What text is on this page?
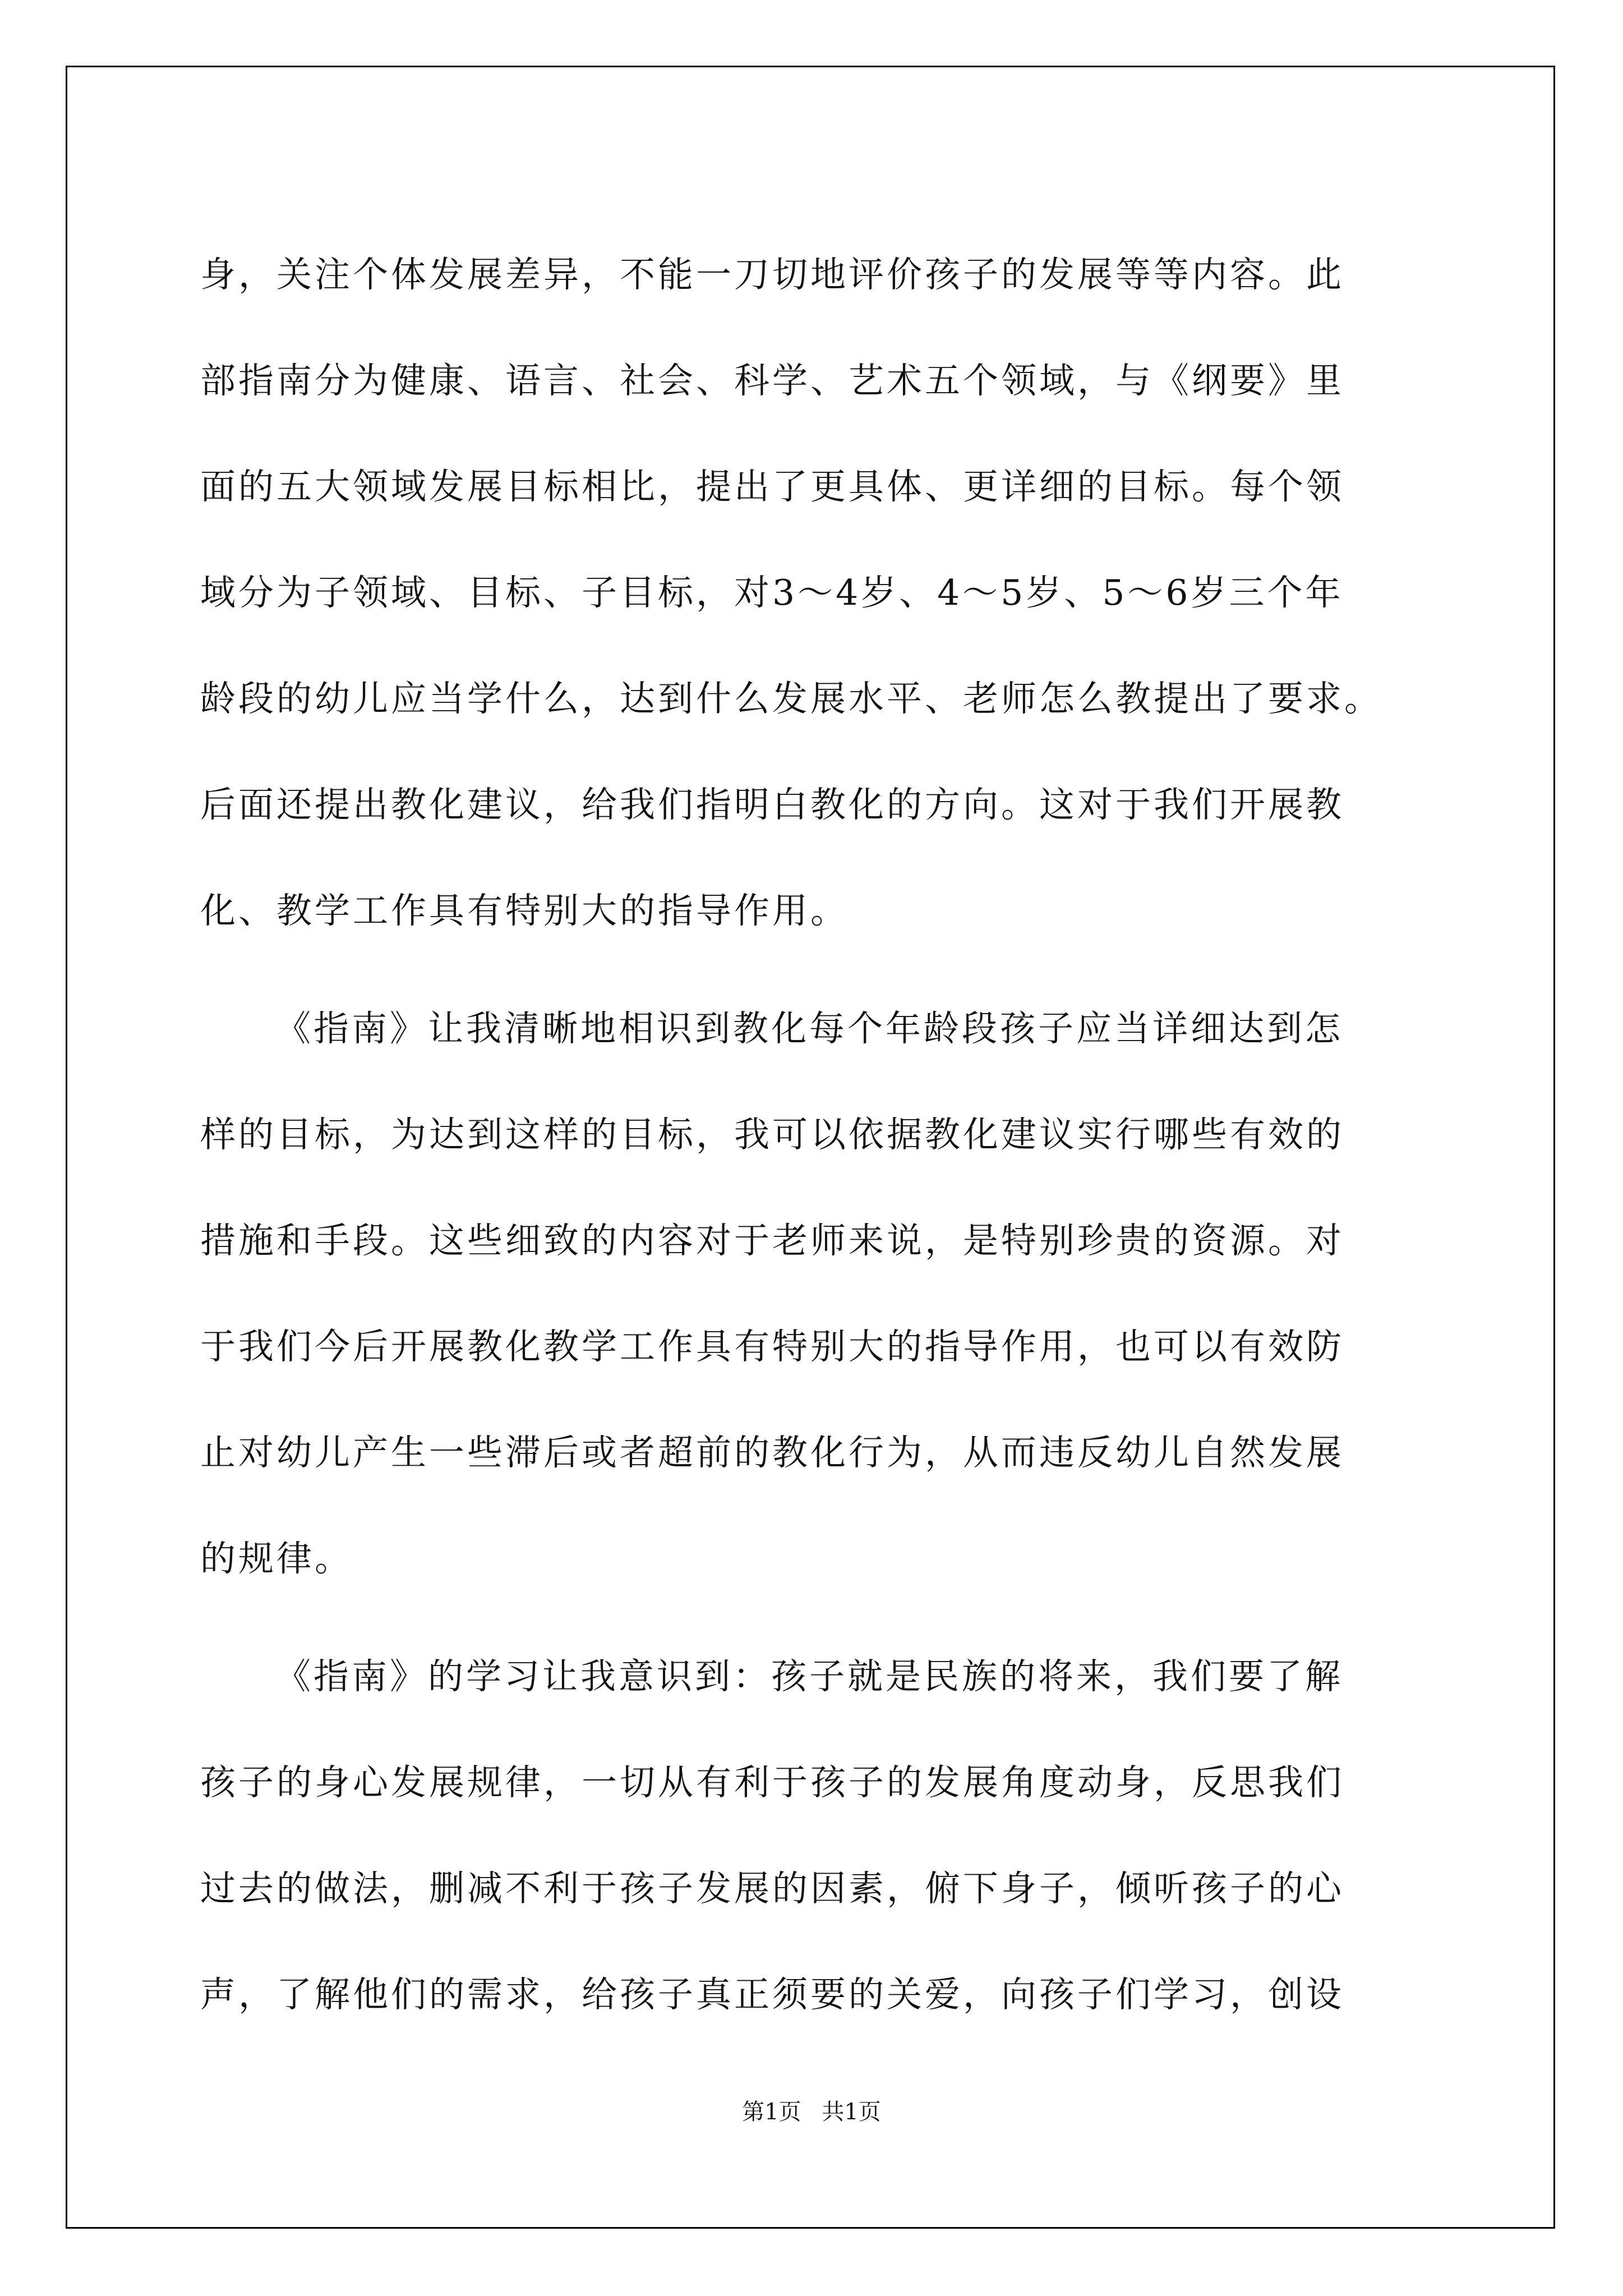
身，关注个体发展差异，不能一刀切地评价孩子的发展等等内容。此
部指南分为健康、语言、社会、科学、艺术五个领域，与《纲要》里
面的五大领域发展目标相比，提出了更具体、更详细的目标。每个领
域分为子领域、目标、子目标，对3～4岁、4～5岁、5～6岁三个年
龄段的幼儿应当学什么，达到什么发展水平、老师怎么教提出了要求。
后面还提出教化建议，给我们指明白教化的方向。这对于我们开展教
化、教学工作具有特别大的指导作用。
《指南》让我清晰地相识到教化每个年龄段孩子应当详细达到怎
样的目标，为达到这样的目标，我可以依据教化建议实行哪些有效的
措施和手段。这些细致的内容对于老师来说，是特别珍贵的资源。对
于我们今后开展教化教学工作具有特别大的指导作用，也可以有效防
止对幼儿产生一些滞后或者超前的教化行为，从而违反幼儿自然发展
的规律。
《指南》的学习让我意识到：孩子就是民族的将来，我们要了解
孩子的身心发展规律，一切从有利于孩子的发展角度动身，反思我们
过去的做法，删减不利于孩子发展的因素，俯下身子，倾听孩子的心
声，了解他们的需求，给孩子真正须要的关爱，向孩子们学习，创设
第1页 共1页
